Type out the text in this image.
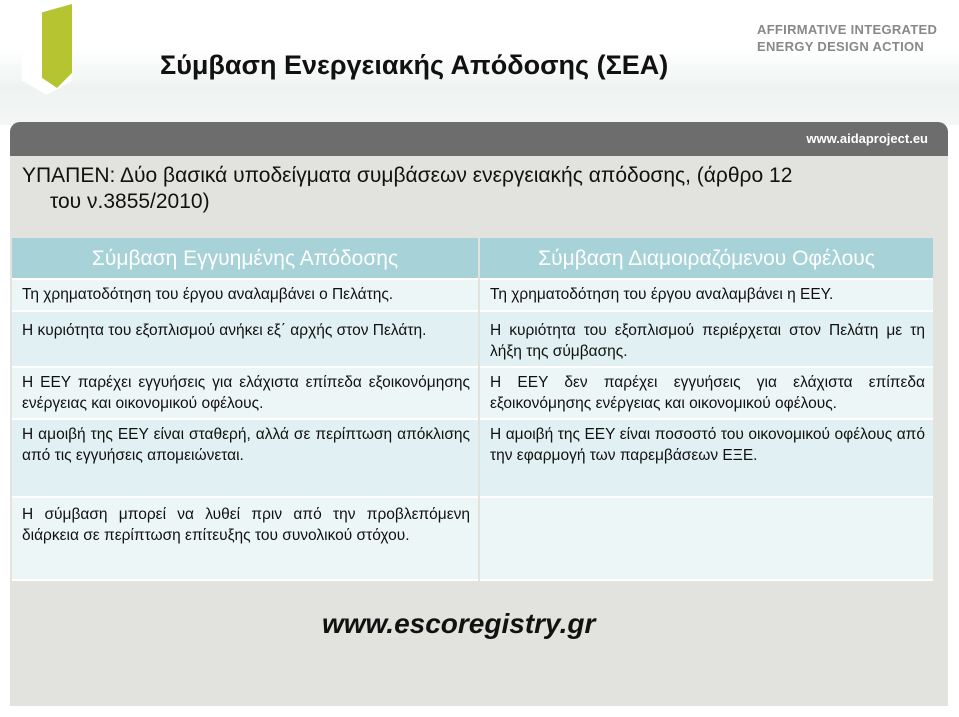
Σύμβαση Ενεργειακής Απόδοσης (ΣΕΑ)
AFFIRMATIVE INTEGRATED
ENERGY DESIGN ACTION
www.aidaproject.eu
ΥΠΑΠΕΝ: Δύο βασικά υποδείγματα συμβάσεων ενεργειακής απόδοσης, (άρθρο 12
του ν.3855/2010)
Σύμβαση Εγγυημένης Απόδοσης
Τη χρηματοδότηση του έργου αναλαμβάνει ο Πελάτης.
Η κυριότητα του εξοπλισμού ανήκει εξ΄ αρχής στον Πελάτη.
Η ΕΕΥ παρέχει εγγυήσεις για ελάχιστα επίπεδα εξοικονόμησης ενέργειας και οικονομικού οφέλους.
Η αμοιβή της ΕΕΥ είναι σταθερή, αλλά σε περίπτωση απόκλισης από τις εγγυήσεις απομειώνεται.
Η σύμβαση μπορεί να λυθεί πριν από την προβλεπόμενη διάρκεια σε περίπτωση επίτευξης του συνολικού στόχου.
Σύμβαση Διαμοιραζόμενου Οφέλους
Τη χρηματοδότηση του έργου αναλαμβάνει η ΕΕΥ.
Η κυριότητα του εξοπλισμού περιέρχεται στον Πελάτη με τη λήξη της σύμβασης.
Η ΕΕΥ δεν παρέχει εγγυήσεις για ελάχιστα επίπεδα εξοικονόμησης ενέργειας και οικονομικού οφέλους.
Η αμοιβή της ΕΕΥ είναι ποσοστό του οικονομικού οφέλους από την εφαρμογή των παρεμβάσεων ΕΞΕ.
www.escoregistry.gr
